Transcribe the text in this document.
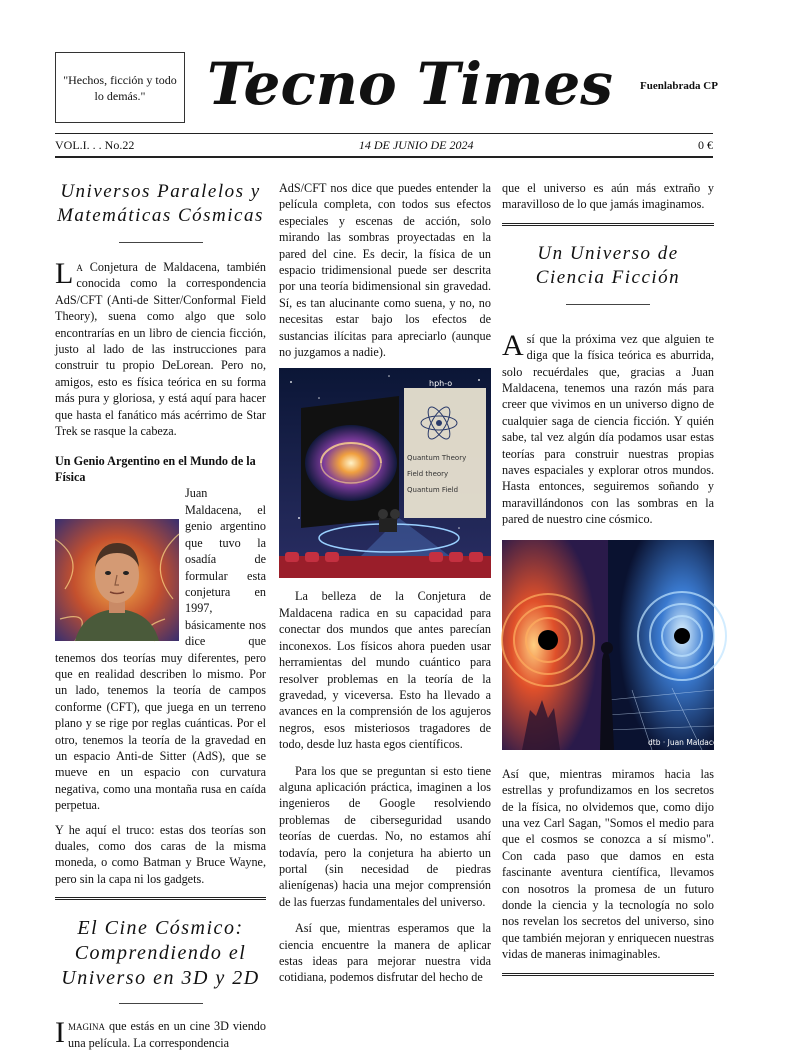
"Hechos, ficción y todo lo demás."	Tecno Times Fuenlabrada CP
VOL.I. . . No.22	14 DE JUNIO DE 2024	0 €
Universos Paralelos y Matemáticas Cósmicas

La Conjetura de Maldacena, también conocida como la correspondencia AdS/CFT (Anti-de Sitter/Conformal Field Theory), suena como algo que solo encontrarías en un libro de ciencia ficción, justo al lado de las instrucciones para construir tu propio DeLorean. Pero no, amigos, esto es física teórica en su forma más pura y gloriosa, y está aquí para hacer que hasta el fanático más acérrimo de Star Trek se rasque la cabeza.

Un Genio Argentino en el Mundo de la Física

Juan Maldacena, el genio argentino que tuvo la osadía de formular esta conjetura en 1997, básicamente nos dice que tenemos dos teorías muy diferentes, pero que en realidad describen lo mismo. Por un lado, tenemos la teoría de campos conforme (CFT), que juega en un terreno plano y se rige por reglas cuánticas. Por el otro, tenemos la teoría de la gravedad en un espacio Anti-de Sitter (AdS), que se mueve en un espacio con curvatura negativa, como una montaña rusa en caída perpetua.

Y he aquí el truco: estas dos teorías son duales, como dos caras de la misma moneda, o como Batman y Bruce Wayne, pero sin la capa ni los gadgets.

El Cine Cósmico: Comprendiendo el Universo en 3D y 2D

Imagina que estás en un cine 3D viendo una película. La correspondencia

AdS/CFT nos dice que puedes entender la película completa, con todos sus efectos especiales y escenas de acción, solo mirando las sombras proyectadas en la pared del cine. Es decir, la física de un espacio tridimensional puede ser descrita por una teoría bidimensional sin gravedad. Sí, es tan alucinante como suena, y no, no necesitas estar bajo los efectos de sustancias ilícitas para apreciarlo (aunque no juzgamos a nadie).

hph-o
Quantum Theory
Field theory
Quantum Field

La belleza de la Conjetura de Maldacena radica en su capacidad para conectar dos mundos que antes parecían inconexos. Los físicos ahora pueden usar herramientas del mundo cuántico para resolver problemas en la teoría de la gravedad, y viceversa. Esto ha llevado a avances en la comprensión de los agujeros negros, esos misteriosos tragadores de todo, desde luz hasta egos científicos.

Para los que se preguntan si esto tiene alguna aplicación práctica, imaginen a los ingenieros de Google resolviendo problemas de ciberseguridad usando teorías de cuerdas. No, no estamos ahí todavía, pero la conjetura ha abierto un portal (sin necesidad de piedras alienígenas) hacia una mejor comprensión de las fuerzas fundamentales del universo.

Así que, mientras esperamos que la ciencia encuentre la manera de aplicar estas ideas para mejorar nuestra vida cotidiana, podemos disfrutar del hecho de

que el universo es aún más extraño y maravilloso de lo que jamás imaginamos.

Un Universo de Ciencia Ficción

Así que la próxima vez que alguien te diga que la física teórica es aburrida, solo recuérdales que, gracias a Juan Maldacena, tenemos una razón más para creer que vivimos en un universo digno de cualquier saga de ciencia ficción. Y quién sabe, tal vez algún día podamos usar estas teorías para construir nuestras propias naves espaciales y explorar otros mundos. Hasta entonces, seguiremos soñando y maravillándonos con las sombras en la pared de nuestro cine cósmico.

dtb · Juan Maldacen

Así que, mientras miramos hacia las estrellas y profundizamos en los secretos de la física, no olvidemos que, como dijo una vez Carl Sagan, "Somos el medio para que el cosmos se conozca a sí mismo". Con cada paso que damos en esta fascinante aventura científica, llevamos con nosotros la promesa de un futuro donde la ciencia y la tecnología no solo nos revelan los secretos del universo, sino que también mejoran y enriquecen nuestras vidas de maneras inimaginables.
